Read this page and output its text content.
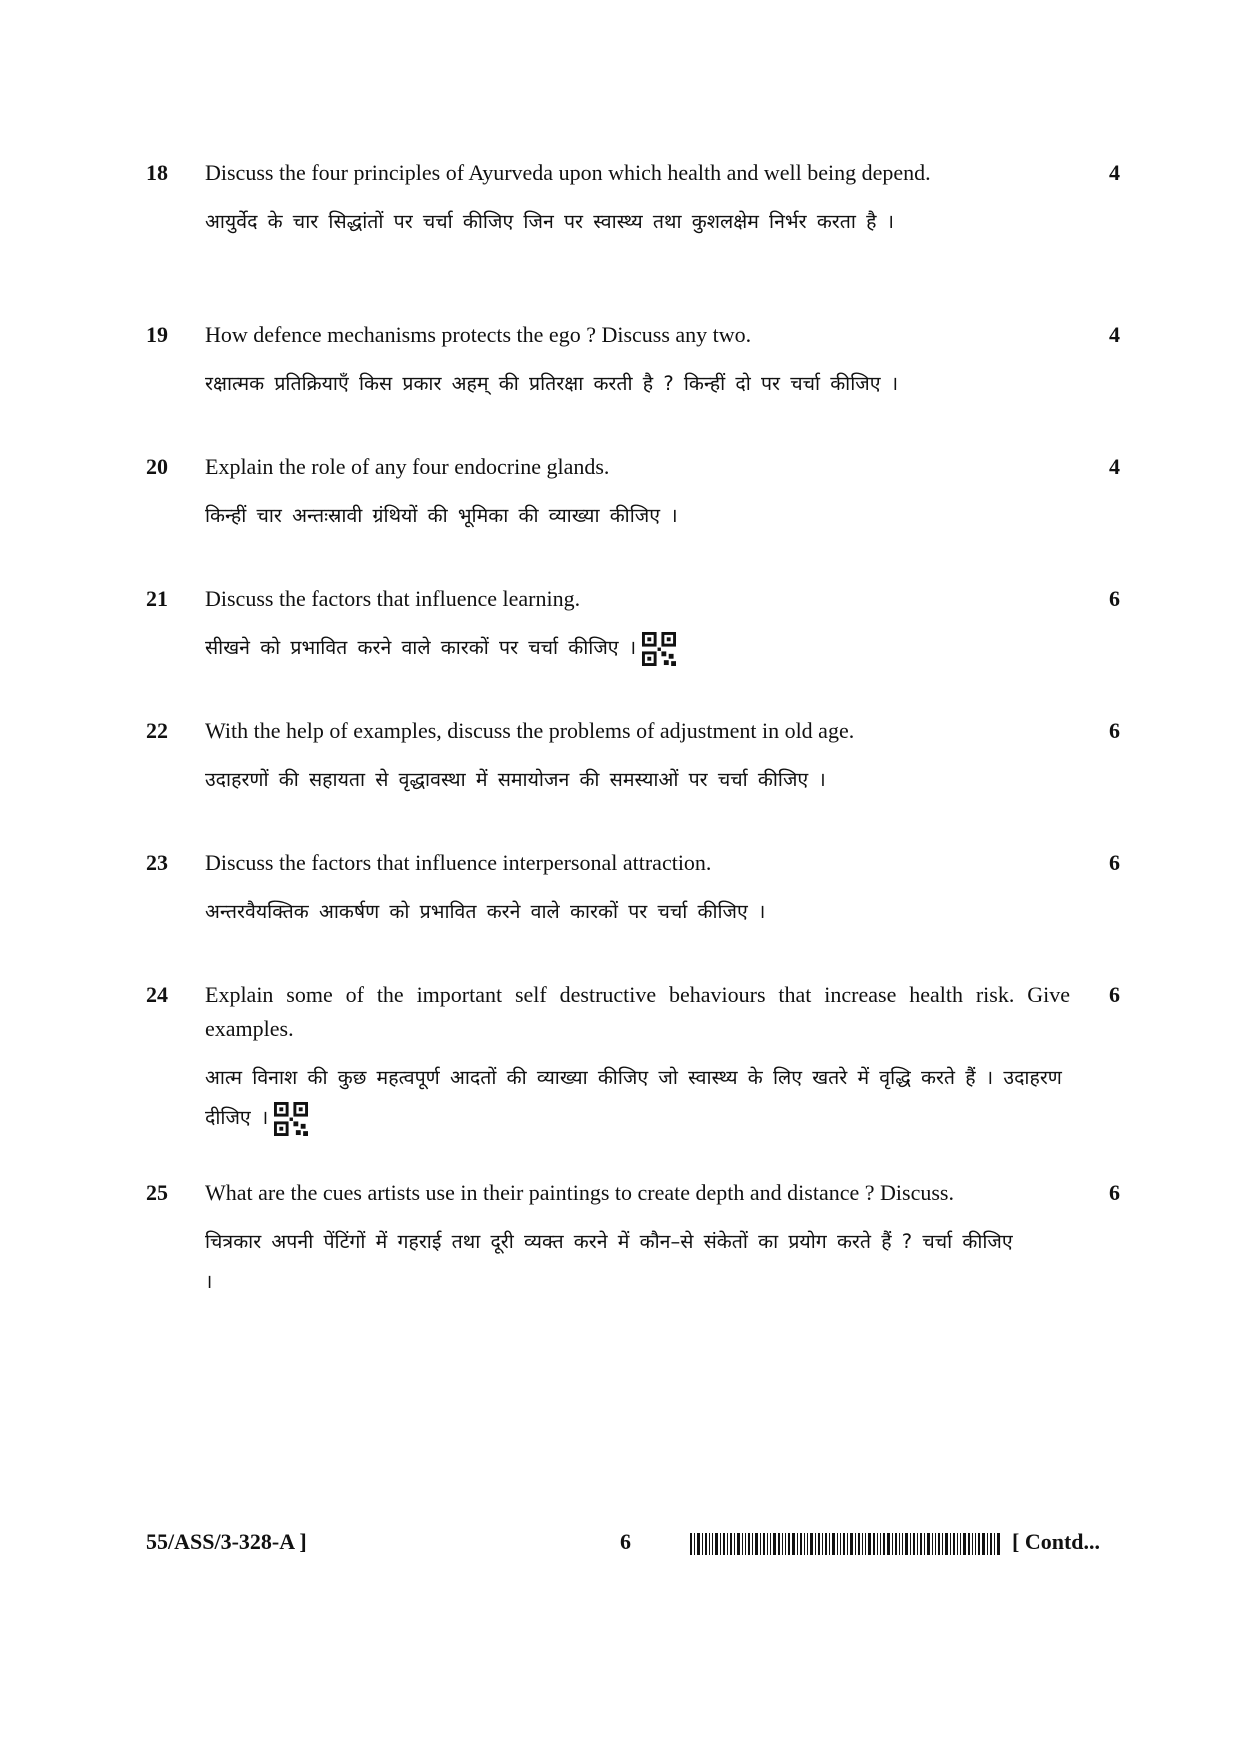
18 Discuss the four principles of Ayurveda upon which health and well being depend.

आयुर्वेद के चार सिद्धांतों पर चर्चा कीजिए जिन पर स्वास्थ्य तथा कुशलक्षेम निर्भर करता है ।

4
19 How defence mechanisms protects the ego ? Discuss any two.

रक्षात्मक प्रतिक्रियाएँ किस प्रकार अहम् की प्रतिरक्षा करती है ? किन्हीं दो पर चर्चा कीजिए ।

4
20 Explain the role of any four endocrine glands.

किन्हीं चार अन्तःस्रावी ग्रंथियों की भूमिका की व्याख्या कीजिए ।

4
21 Discuss the factors that influence learning.

सीखने को प्रभावित करने वाले कारकों पर चर्चा कीजिए ।

6
22 With the help of examples, discuss the problems of adjustment in old age.

उदाहरणों की सहायता से वृद्धावस्था में समायोजन की समस्याओं पर चर्चा कीजिए ।

6
23 Discuss the factors that influence interpersonal attraction.

अन्तरवैयक्तिक आकर्षण को प्रभावित करने वाले कारकों पर चर्चा कीजिए ।

6
24 Explain some of the important self destructive behaviours that increase health risk. Give examples.

आत्म विनाश की कुछ महत्वपूर्ण आदतों की व्याख्या कीजिए जो स्वास्थ्य के लिए खतरे में वृद्धि करते हैं । उदाहरण दीजिए ।

6
25 What are the cues artists use in their paintings to create depth and distance ? Discuss.

चित्रकार अपनी पेंटिंगों में गहराई तथा दूरी व्यक्त करने में कौन–से संकेतों का प्रयोग करते हैं ? चर्चा कीजिए ।

6
55/ASS/3-328-A ]	6	[ Contd...
